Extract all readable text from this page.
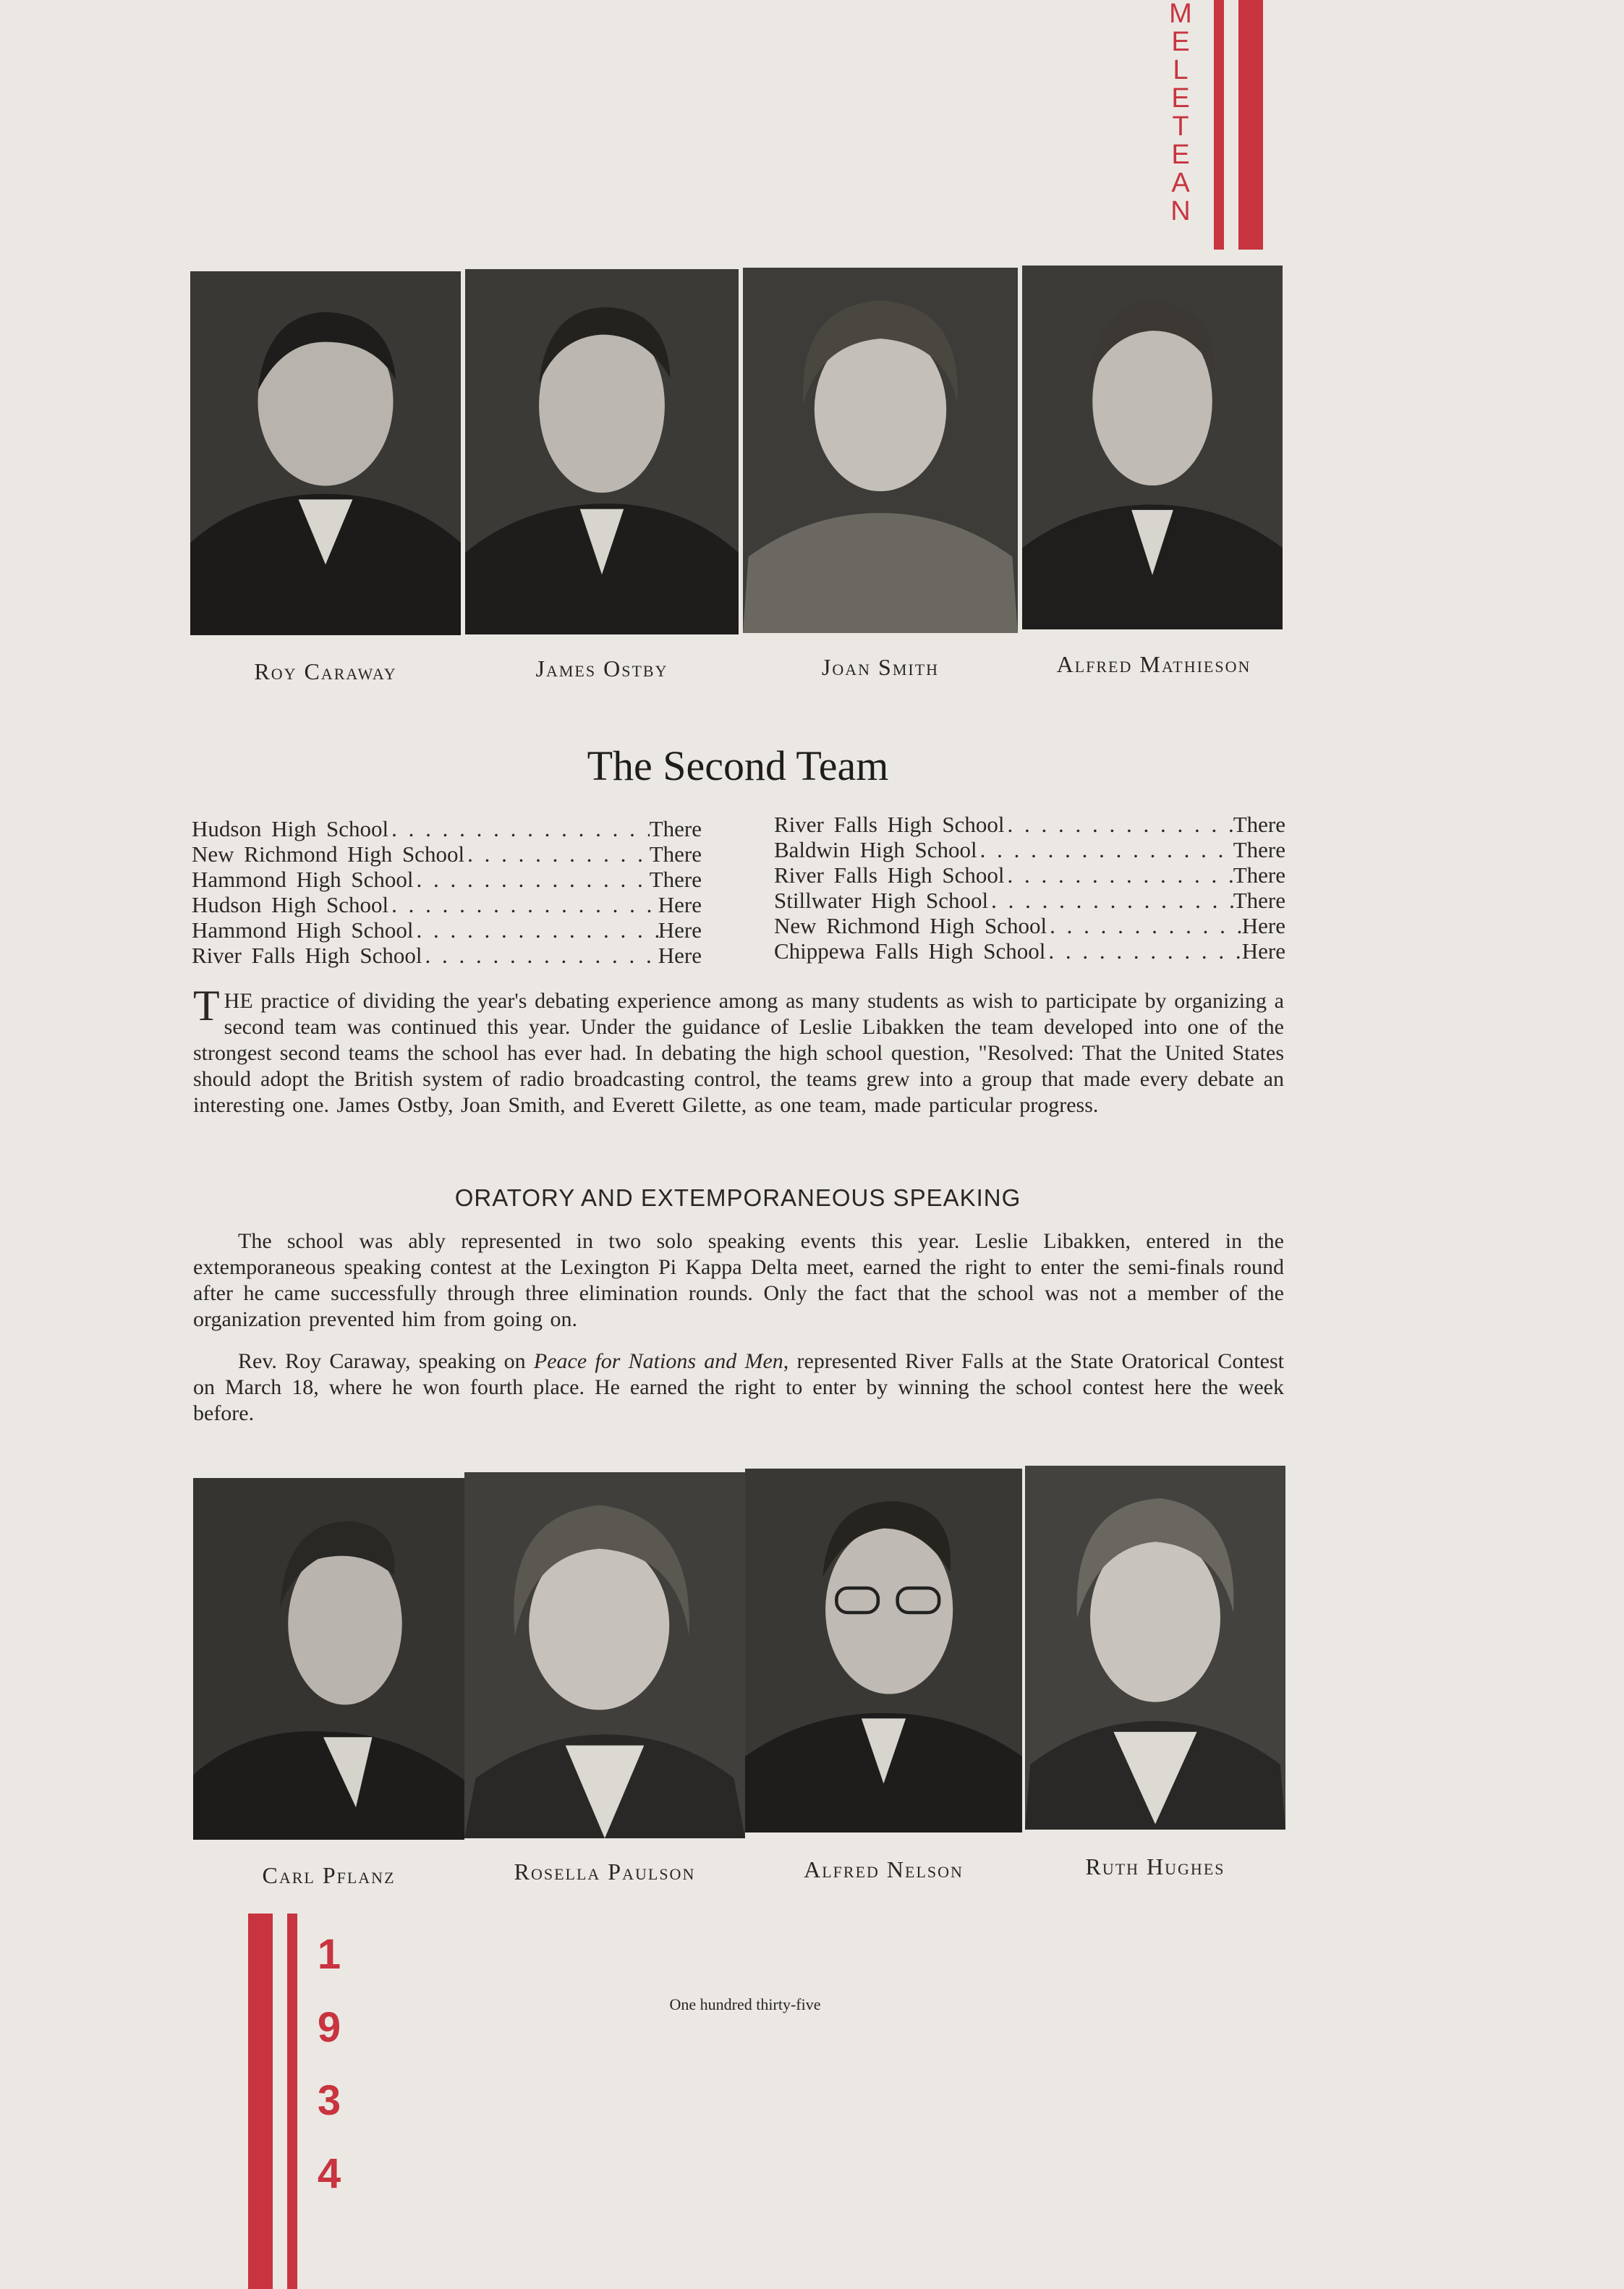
M
E
L
E
T
E
A
N
Roy Caraway	James Ostby	Joan Smith	Alfred Mathieson
The Second Team
Hudson High School . . .	There
New Richmond High School . . .	There
Hammond High School . . .	There
Hudson High School . . .	Here
Hammond High School . . .	Here
River Falls High School . . .	Here
River Falls High School . . .	There
Baldwin High School . . .	There
River Falls High School . . .	There
Stillwater High School . . .	There
New Richmond High School . . .	Here
Chippewa Falls High School . . .	Here
THE practice of dividing the year's debating experience among as many students as wish to participate by organizing a second team was continued this year. Under the guidance of Leslie Libakken the team developed into one of the strongest second teams the school has ever had. In debating the high school question, "Resolved: That the United States should adopt the British system of radio broadcasting control, the teams grew into a group that made every debate an interesting one. James Ostby, Joan Smith, and Everett Gilette, as one team, made particular progress.
ORATORY AND EXTEMPORANEOUS SPEAKING
The school was ably represented in two solo speaking events this year. Leslie Libakken, entered in the extemporaneous speaking contest at the Lexington Pi Kappa Delta meet, earned the right to enter the semi-finals round after he came successfully through three elimination rounds. Only the fact that the school was not a member of the organization prevented him from going on.
Rev. Roy Caraway, speaking on Peace for Nations and Men, represented River Falls at the State Oratorical Contest on March 18, where he won fourth place. He earned the right to enter by winning the school contest here the week before.
Carl Pflanz	Rosella Paulson	Alfred Nelson	Ruth Hughes
1
9
3
4
One hundred thirty-five
